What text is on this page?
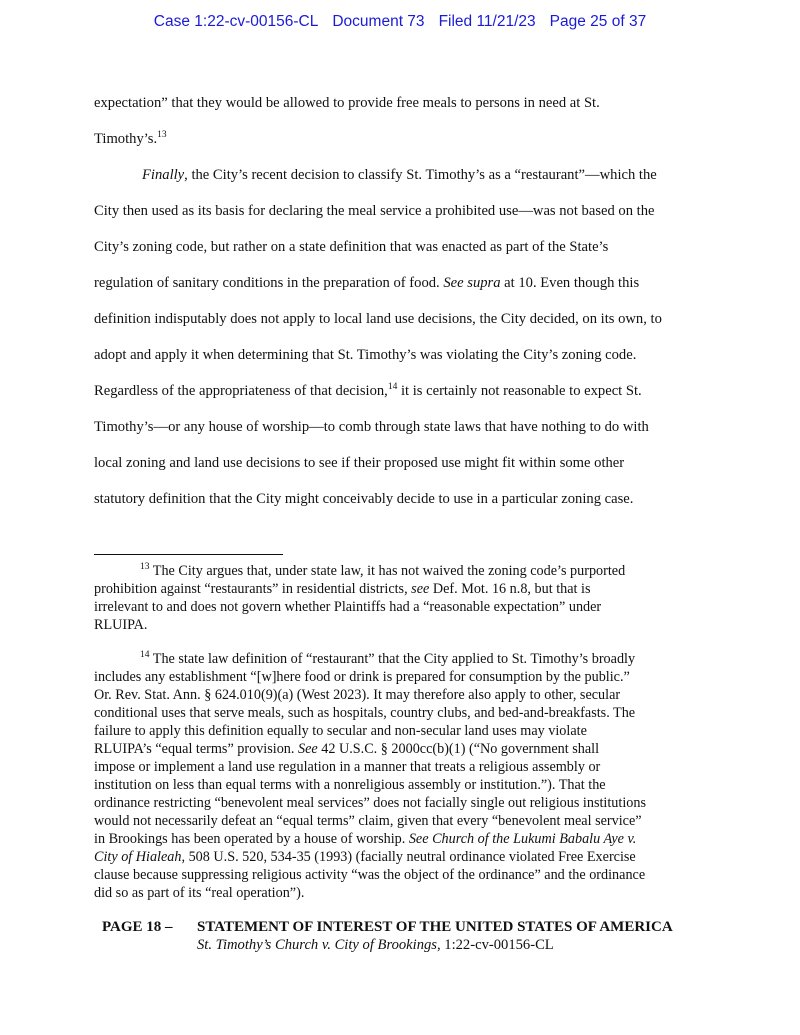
Case 1:22-cv-00156-CL Document 73 Filed 11/21/23 Page 25 of 37
expectation” that they would be allowed to provide free meals to persons in need at St.
Timothy’s.$^{13}$
Finally, the City’s recent decision to classify St. Timothy’s as a “restaurant”—which the
City then used as its basis for declaring the meal service a prohibited use—was not based on the
City’s zoning code, but rather on a state definition that was enacted as part of the State’s
regulation of sanitary conditions in the preparation of food. See supra at 10. Even though this
definition indisputably does not apply to local land use decisions, the City decided, on its own, to
adopt and apply it when determining that St. Timothy’s was violating the City’s zoning code.
Regardless of the appropriateness of that decision,$^{14}$ it is certainly not reasonable to expect St.
Timothy’s—or any house of worship—to comb through state laws that have nothing to do with
local zoning and land use decisions to see if their proposed use might fit within some other
statutory definition that the City might conceivably decide to use in a particular zoning case.
$^{13}$ The City argues that, under state law, it has not waived the zoning code’s purported
prohibition against “restaurants” in residential districts, see Def. Mot. 16 n.8, but that is
irrelevant to and does not govern whether Plaintiffs had a “reasonable expectation” under
RLUIPA.
$^{14}$ The state law definition of “restaurant” that the City applied to St. Timothy’s broadly
includes any establishment “[w]here food or drink is prepared for consumption by the public.”
Or. Rev. Stat. Ann. § 624.010(9)(a) (West 2023). It may therefore also apply to other, secular
conditional uses that serve meals, such as hospitals, country clubs, and bed-and-breakfasts. The
failure to apply this definition equally to secular and non-secular land uses may violate
RLUIPA’s “equal terms” provision. See 42 U.S.C. § 2000cc(b)(1) (“No government shall
impose or implement a land use regulation in a manner that treats a religious assembly or
institution on less than equal terms with a nonreligious assembly or institution.”). That the
ordinance restricting “benevolent meal services” does not facially single out religious institutions
would not necessarily defeat an “equal terms” claim, given that every “benevolent meal service”
in Brookings has been operated by a house of worship. See Church of the Lukumi Babalu Aye v.
City of Hialeah, 508 U.S. 520, 534-35 (1993) (facially neutral ordinance violated Free Exercise
clause because suppressing religious activity “was the object of the ordinance” and the ordinance
did so as part of its “real operation”).
PAGE 18 – STATEMENT OF INTEREST OF THE UNITED STATES OF AMERICA
St. Timothy’s Church v. City of Brookings, 1:22-cv-00156-CL
